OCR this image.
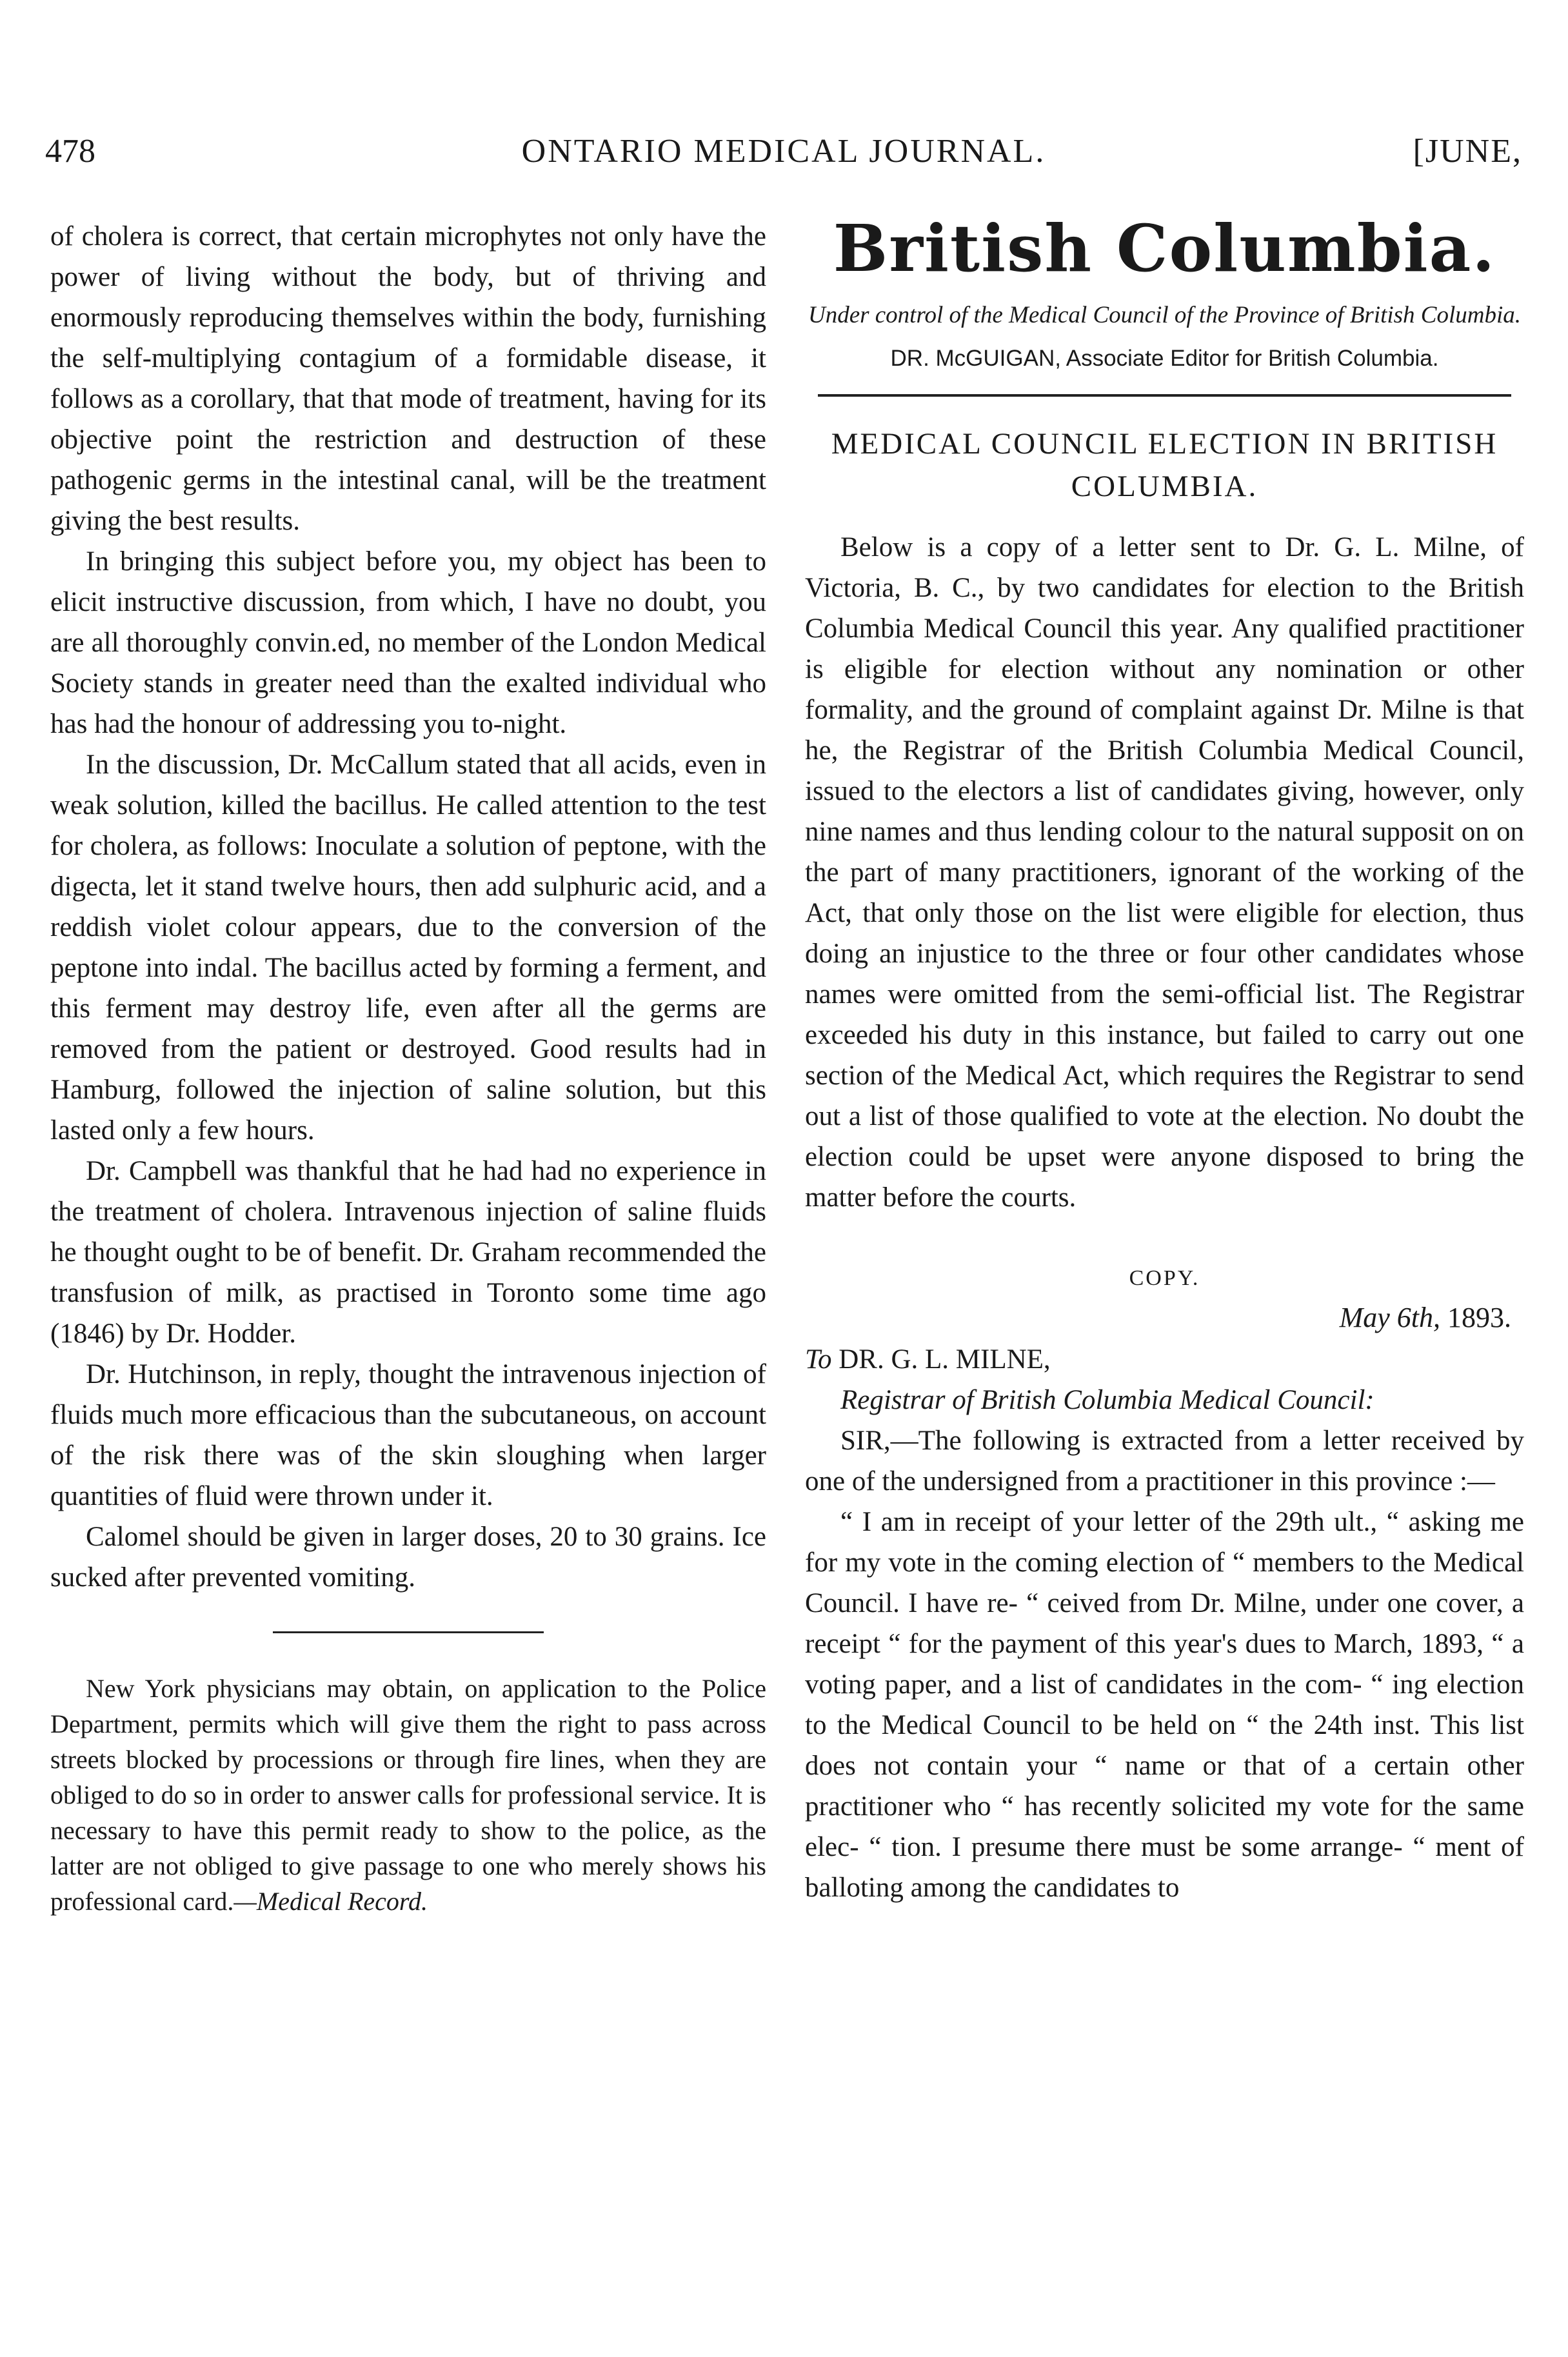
478	ONTARIO MEDICAL JOURNAL.	[JUNE,

of cholera is correct, that certain microphytes not only have the power of living without the body, but of thriving and enormously reproducing themselves within the body, furnishing the self-multiplying contagium of a formidable disease, it follows as a corollary, that that mode of treatment, having for its objective point the restriction and destruction of these pathogenic germs in the intestinal canal, will be the treatment giving the best results.

In bringing this subject before you, my object has been to elicit instructive discussion, from which, I have no doubt, you are all thoroughly convin.ed, no member of the London Medical Society stands in greater need than the exalted individual who has had the honour of addressing you to-night.

In the discussion, Dr. McCallum stated that all acids, even in weak solution, killed the bacillus. He called attention to the test for cholera, as follows: Inoculate a solution of peptone, with the digecta, let it stand twelve hours, then add sulphuric acid, and a reddish violet colour appears, due to the conversion of the peptone into indal. The bacillus acted by forming a ferment, and this ferment may destroy life, even after all the germs are removed from the patient or destroyed. Good results had in Hamburg, followed the injection of saline solution, but this lasted only a few hours.

Dr. Campbell was thankful that he had had no experience in the treatment of cholera. Intravenous injection of saline fluids he thought ought to be of benefit. Dr. Graham recommended the transfusion of milk, as practised in Toronto some time ago (1846) by Dr. Hodder.

Dr. Hutchinson, in reply, thought the intravenous injection of fluids much more efficacious than the subcutaneous, on account of the risk there was of the skin sloughing when larger quantities of fluid were thrown under it.

Calomel should be given in larger doses, 20 to 30 grains. Ice sucked after prevented vomiting.

New York physicians may obtain, on application to the Police Department, permits which will give them the right to pass across streets blocked by processions or through fire lines, when they are obliged to do so in order to answer calls for professional service. It is necessary to have this permit ready to show to the police, as the latter are not obliged to give passage to one who merely shows his professional card.—Medical Record.

British Columbia.
Under control of the Medical Council of the Province of British Columbia.
DR. McGUIGAN, Associate Editor for British Columbia.
MEDICAL COUNCIL ELECTION IN BRITISH COLUMBIA.

Below is a copy of a letter sent to Dr. G. L. Milne, of Victoria, B. C., by two candidates for election to the British Columbia Medical Council this year. Any qualified practitioner is eligible for election without any nomination or other formality, and the ground of complaint against Dr. Milne is that he, the Registrar of the British Columbia Medical Council, issued to the electors a list of candidates giving, however, only nine names and thus lending colour to the natural supposit on on the part of many practitioners, ignorant of the working of the Act, that only those on the list were eligible for election, thus doing an injustice to the three or four other candidates whose names were omitted from the semi-official list. The Registrar exceeded his duty in this instance, but failed to carry out one section of the Medical Act, which requires the Registrar to send out a list of those qualified to vote at the election. No doubt the election could be upset were anyone disposed to bring the matter before the courts.

COPY.
May 6th, 1893.

To DR. G. L. MILNE,

Registrar of British Columbia Medical Council:

SIR,—The following is extracted from a letter received by one of the undersigned from a practitioner in this province :—

“ I am in receipt of your letter of the 29th ult., “ asking me for my vote in the coming election of “ members to the Medical Council. I have re- “ ceived from Dr. Milne, under one cover, a receipt “ for the payment of this year's dues to March, 1893, “ a voting paper, and a list of candidates in the com- “ ing election to the Medical Council to be held on “ the 24th inst. This list does not contain your “ name or that of a certain other practitioner who “ has recently solicited my vote for the same elec- “ tion. I presume there must be some arrange- “ ment of balloting among the candidates to
